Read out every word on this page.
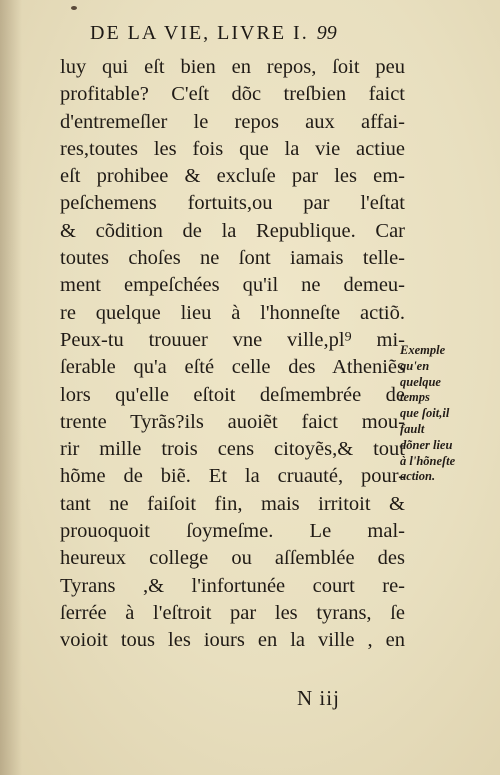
DE LA VIE, LIVRE I. 99
luy qui eſt bien en repos, ſoit peu
profitable? C'eſt dõc treſbien faict
d'entremeſler le repos aux affai-
res,toutes les fois que la vie actiue
eſt prohibee & excluſe par les em-
peſchemens fortuits,ou par l'eſtat
& cõdition de la Republique. Car
toutes choſes ne ſont iamais telle-
ment empeſchées qu'il ne demeu-
re quelque lieu à l'honneſte actiõ.
Peux-tu trouuer vne ville,pl⁹ mi-
ſerable qu'a eſté celle des Atheniẽs
lors qu'elle eſtoit deſmembrée de
trente Tyrãs?ils auoiẽt faict mou-
rir mille trois cens citoyẽs,& tout
hõme de biẽ. Et la cruauté, pour-
tant ne faiſoit fin, mais irritoit &
prouoquoit ſoymeſme. Le mal-
heureux college ou aſſemblée des
Tyrans ,& l'infortunée court re-
ſerrée à l'eſtroit par les tyrans, ſe
voioit tous les iours en la ville , en
Exemple
qu'en
quelque
temps
que ſoit,il
fault
dõner lieu
à l'hõneſte
action.
N iij
